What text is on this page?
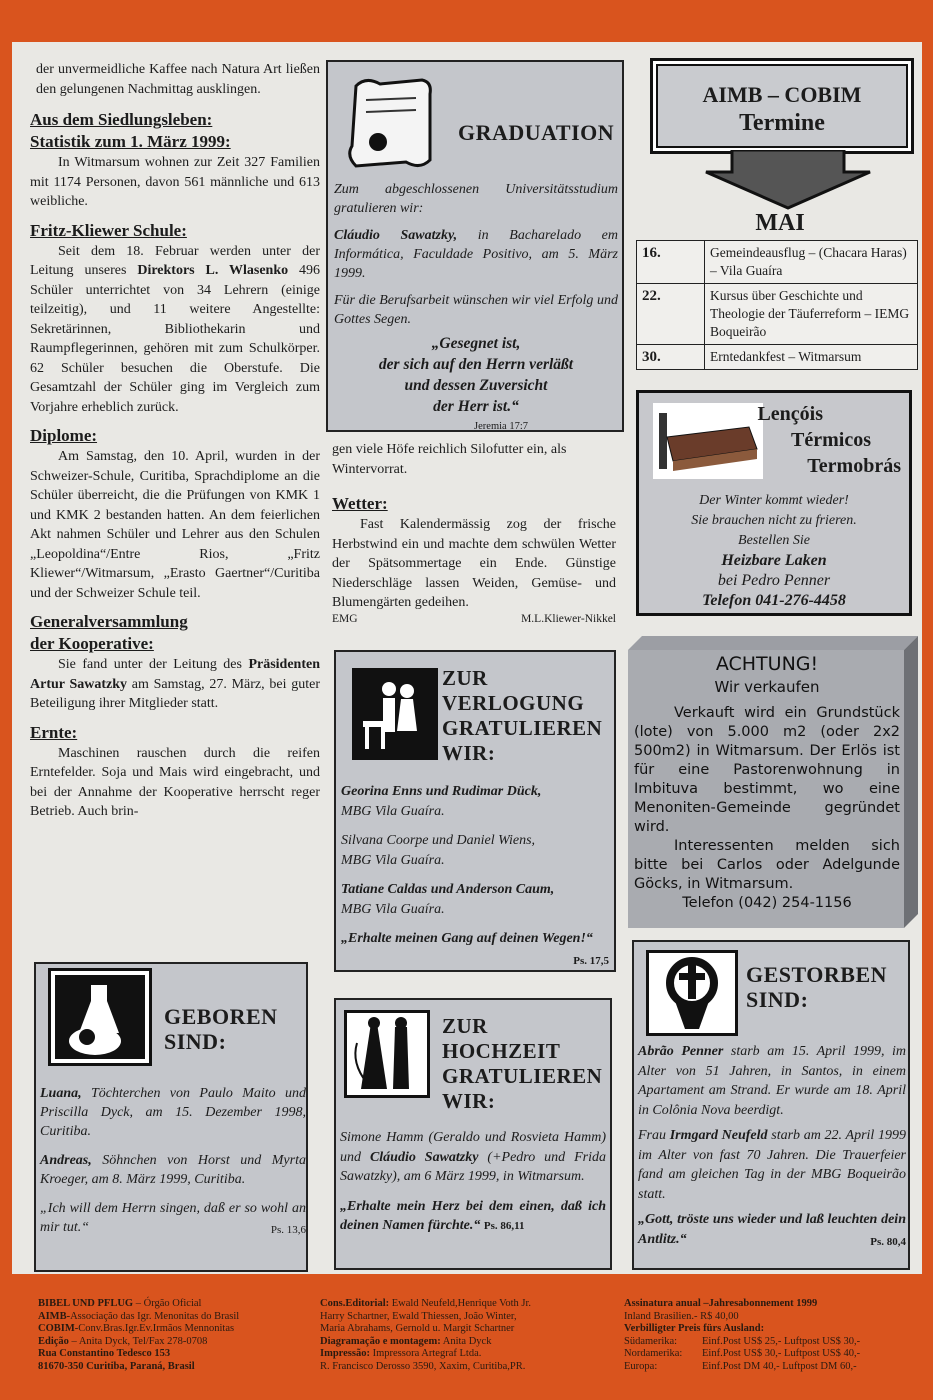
der unvermeidliche Kaffee nach Natura Art ließen den gelungenen Nachmittag ausklingen.

Aus dem Siedlungsleben:
Statistik zum 1. März 1999:

In Witmarsum wohnen zur Zeit 327 Familien mit 1174 Personen, davon 561 männliche und 613 weibliche.

Fritz-Kliewer Schule:

Seit dem 18. Februar werden unter der Leitung unseres Direktors L. Wlasenko 496 Schüler unterrichtet von 34 Lehrern (einige teilzeitig), und 11 weitere Angestellte: Sekretärinnen, Bibliothekarin und Raumpflegerinnen, gehören mit zum Schulkörper. 62 Schüler besuchen die Oberstufe. Die Gesamtzahl der Schüler ging im Vergleich zum Vorjahre erheblich zurück.

Diplome:

Am Samstag, den 10. April, wurden in der Schweizer-Schule, Curitiba, Sprachdiplome an die Schüler überreicht, die die Prüfungen von KMK 1 und KMK 2 bestanden hatten. An dem feierlichen Akt nahmen Schüler und Lehrer aus den Schulen „Leopoldina“/Entre Rios, „Fritz Kliewer“/Witmarsum, „Erasto Gaertner“/Curitiba und der Schweizer Schule teil.

Generalversammlung
der Kooperative:

Sie fand unter der Leitung des Präsidenten Artur Sawatzky am Samstag, 27. März, bei guter Beteiligung ihrer Mitglieder statt.

Ernte:

Maschinen rauschen durch die reifen Erntefelder. Soja und Mais wird eingebracht, und bei der Annahme der Kooperative herrscht reger Betrieb. Auch brin-

GEBOREN
SIND:
Luana, Töchterchen von Paulo Maito und Priscilla Dyck, am 15. Dezember 1998, Curitiba.
Andreas, Söhnchen von Horst und Myrta Kroeger, am 8. März 1999, Curitiba.
„Ich will dem Herrn singen, daß er so wohl an mir tut.“	Ps. 13,6
GRADUATION
Zum abgeschlossenen Universitätsstudium gratulieren wir:
Cláudio Sawatzky, in Bacharelado em Informática, Faculdade Positivo, am 5. März 1999.
Für die Berufsarbeit wünschen wir viel Erfolg und Gottes Segen.
„Gesegnet ist,
der sich auf den Herrn verläßt
und dessen Zuversicht
der Herr ist.“
Jeremia 17:7

gen viele Höfe reichlich Silofutter ein, als Wintervorrat.

Wetter:

Fast Kalendermässig zog der frische Herbstwind ein und machte dem schwülen Wetter der Spätsommertage ein Ende. Günstige Niederschläge lassen Weiden, Gemüse- und Blumengärten gedeihen.

EMG	M.L.Kliewer-Nikkel
ZUR
VERLOGUNG
GRATULIEREN
WIR:
Georina Enns und Rudimar Dück,
MBG Vila Guaíra.
Silvana Coorpe und Daniel Wiens,
MBG Vila Guaíra.
Tatiane Caldas und Anderson Caum,
MBG Vila Guaíra.
„Erhalte meinen Gang auf deinen Wegen!“
Ps. 17,5
ZUR
HOCHZEIT
GRATULIEREN
WIR:
Simone Hamm (Geraldo und Rosvieta Hamm) und Cláudio Sawatzky (+Pedro und Frida Sawatzky), am 6 März 1999, in Witmarsum.
„Erhalte mein Herz bei dem einen, daß ich deinen Namen fürchte.“ Ps. 86,11
AIMB – COBIM
Termine
MAI
16.	Gemeindeausflug – (Chacara Haras) – Vila Guaíra
22.	Kursus über Geschichte und Theologie der Täuferreform – IEMG Boqueirão
30.	Erntedankfest – Witmarsum
Lençóis
Térmicos
Termobrás
Der Winter kommt wieder!
Sie brauchen nicht zu frieren.
Bestellen Sie
Heizbare Laken
bei Pedro Penner
Telefon 041-276-4458
ACHTUNG!
Wir verkaufen
Verkauft wird ein Grundstück (lote) von 5.000 m2 (oder 2x2 500m2) in Witmarsum. Der Erlös ist für eine Pastorenwohnung in Imbituva bestimmt, wo eine Menoniten-Gemeinde gegründet wird.
Interessenten melden sich bitte bei Carlos oder Adelgunde Göcks, in Witmarsum.
Telefon (042) 254-1156
GESTORBEN
SIND:
Abrão Penner starb am 15. April 1999, im Alter von 51 Jahren, in Santos, in einem Apartament am Strand. Er wurde am 18. April in Colônia Nova beerdigt.
Frau Irmgard Neufeld starb am 22. April 1999 im Alter von fast 70 Jahren. Die Trauerfeier fand am gleichen Tag in der MBG Boqueirão statt.
„Gott, tröste uns wieder und laß leuchten dein Antlitz.“	Ps. 80,4
BIBEL UND PFLUG – Órgão Oficial
AIMB-Associação das Igr. Menonitas do Brasil
COBIM-Conv.Bras.Igr.Ev.Irmãos Mennonitas
Edição – Anita Dyck, Tel/Fax 278-0708
Rua Constantino Tedesco 153
81670-350 Curitiba, Paraná, Brasil
Cons.Editorial: Ewald Neufeld,Henrique Voth Jr.
Harry Schartner, Ewald Thiessen, João Winter,
Maria Abrahams, Gernold u. Margit Schartner
Diagramação e montagem: Anita Dyck
Impressão: Impressora Artegraf Ltda.
R. Francisco Derosso 3590, Xaxim, Curitiba,PR.
Assinatura anual –Jahresabonnement 1999
Inland Brasilien.- R$ 40,00
Verbilligter Preis fürs Ausland:
Südamerika:	Einf.Post US$ 25,- Luftpost US$ 30,-
Nordamerika:	Einf.Post US$ 30,- Luftpost US$ 40,-
Europa:	Einf.Post DM 40,- Luftpost DM 60,-
